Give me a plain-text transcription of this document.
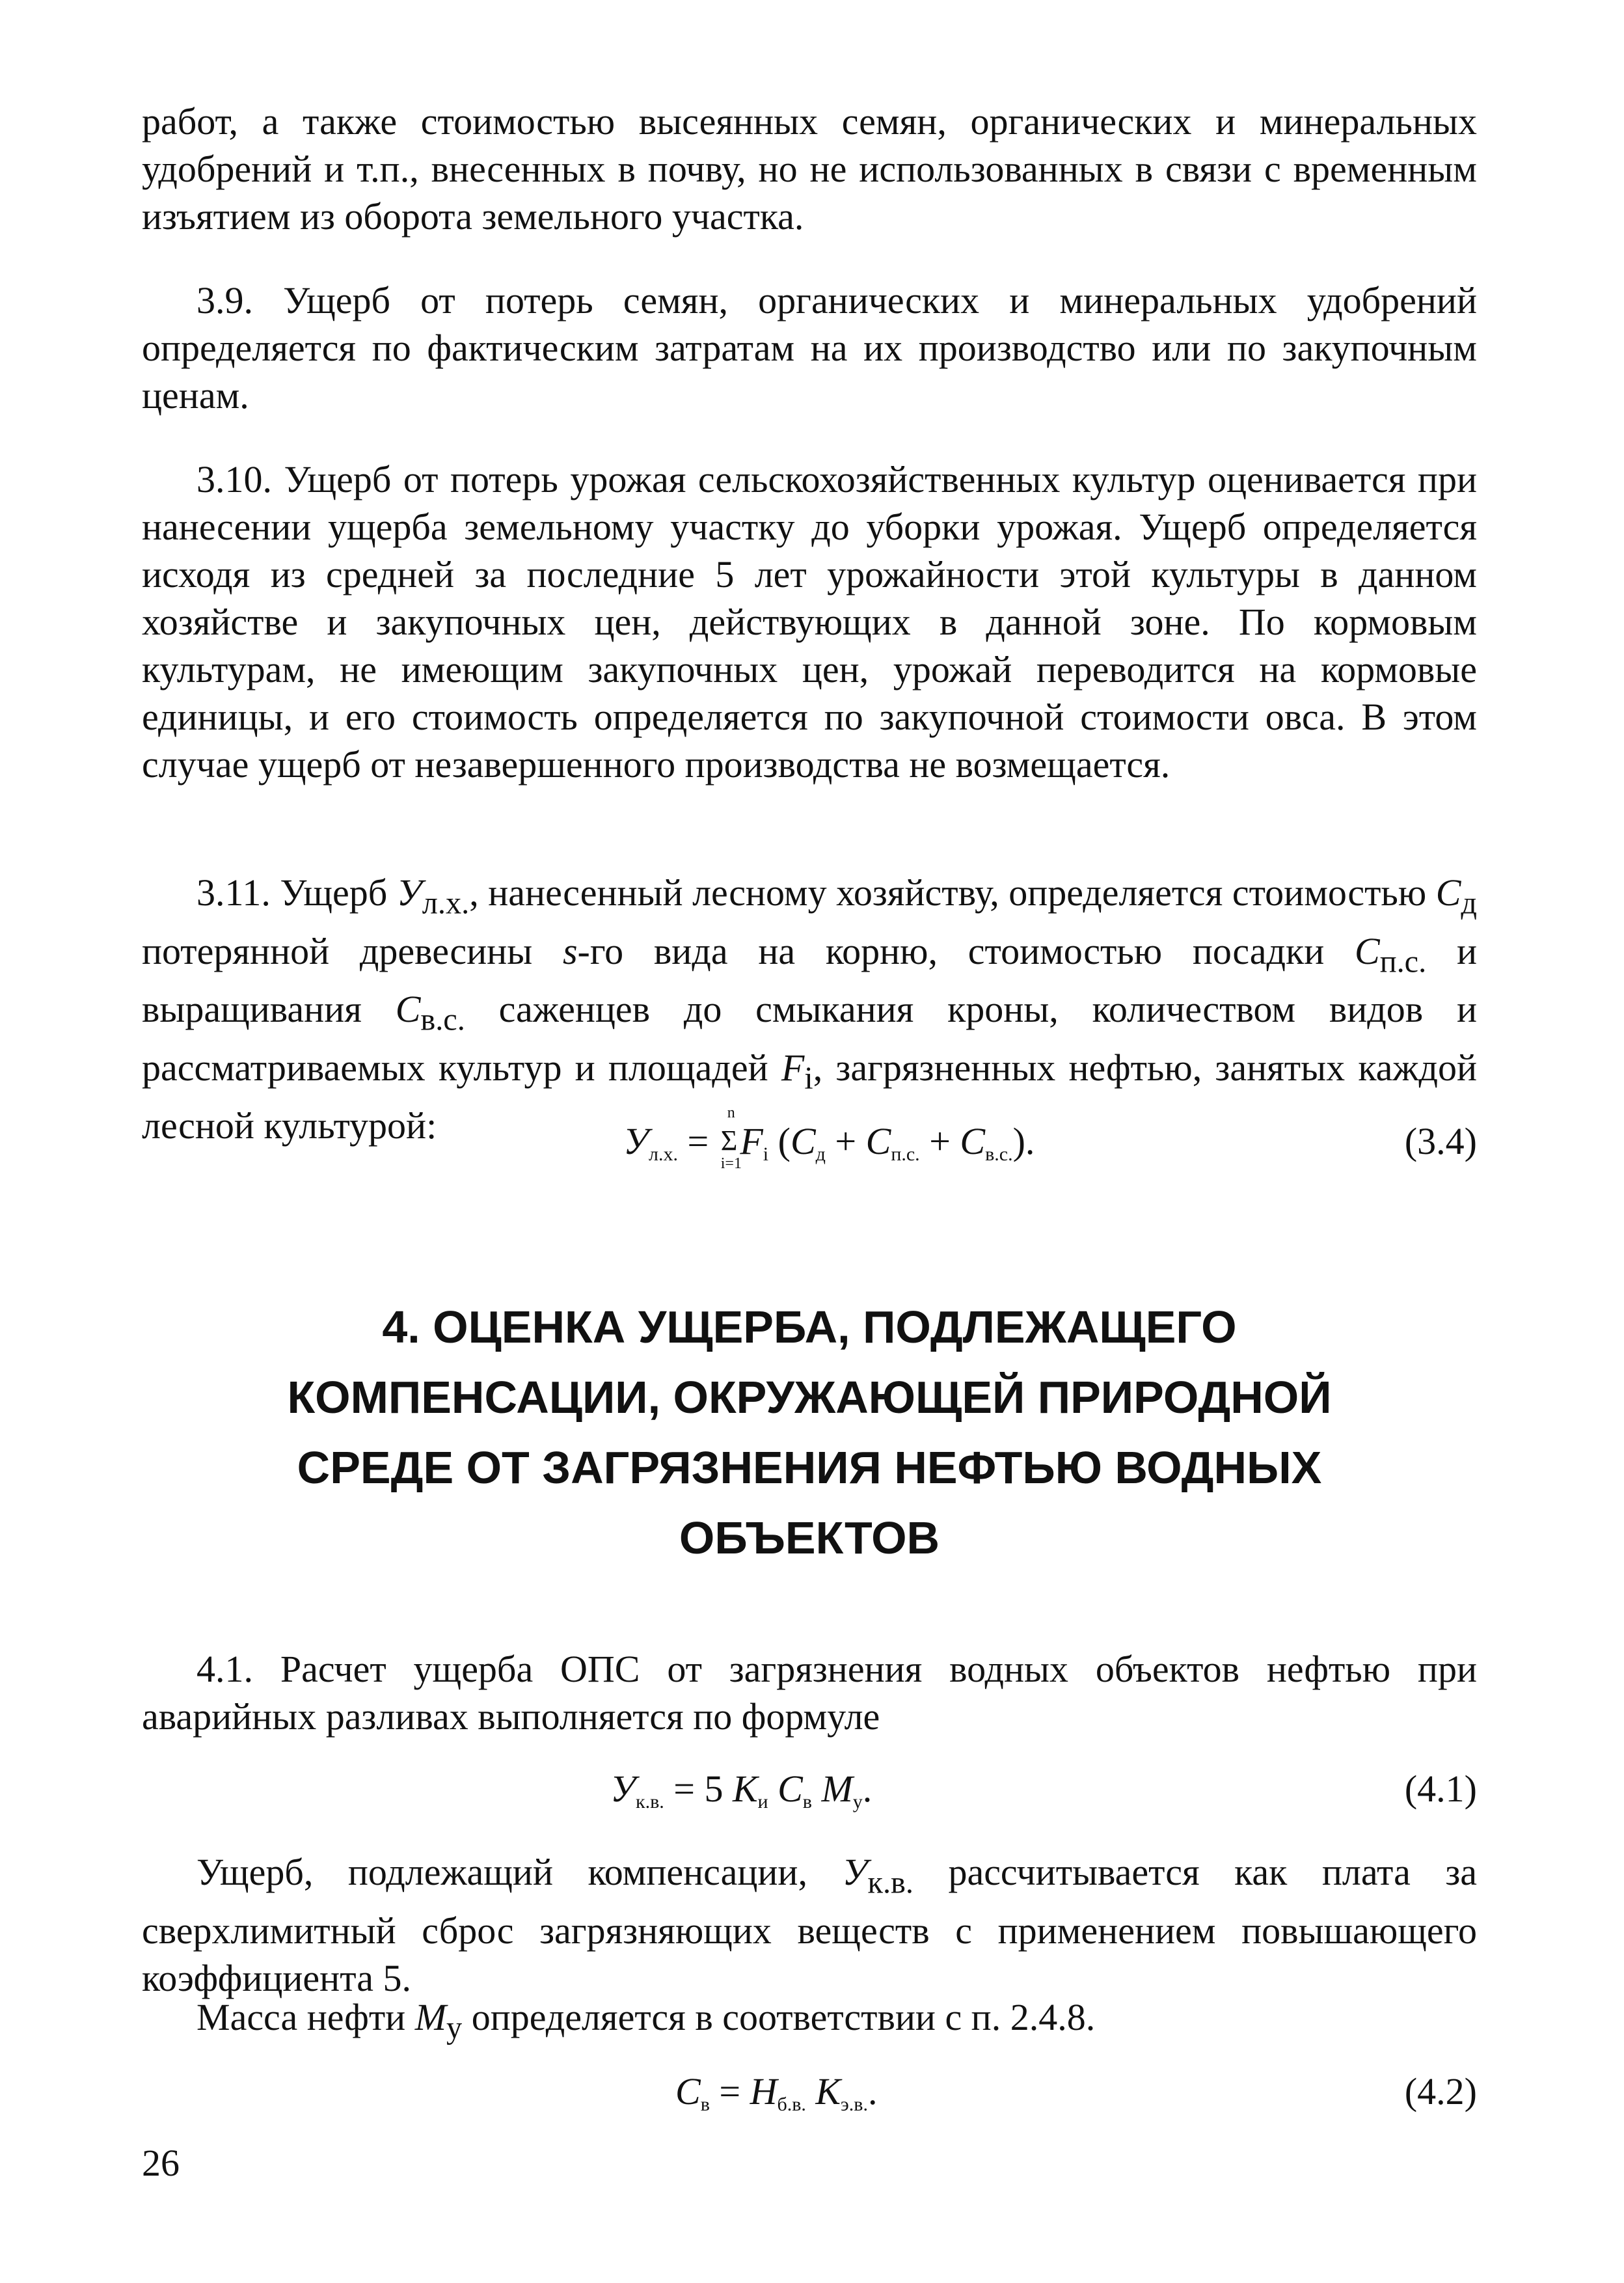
работ, а также стоимостью высеянных семян, органических и минеральных удобрений и т.п., внесенных в почву, но не использованных в связи с временным изъятием из оборота земельного участка.

3.9. Ущерб от потерь семян, органических и минеральных удобрений определяется по фактическим затратам на их производство или по закупочным ценам.

3.10. Ущерб от потерь урожая сельскохозяйственных культур оценивается при нанесении ущерба земельному участку до уборки урожая. Ущерб определяется исходя из средней за последние 5 лет урожайности этой культуры в данном хозяйстве и закупочных цен, действующих в данной зоне. По кормовым культурам, не имеющим закупочных цен, урожай переводится на кормовые единицы, и его стоимость определяется по закупочной стоимости овса. В этом случае ущерб от незавершенного производства не возмещается.

3.11. Ущерб $У_{л.х.}$, нанесенный лесному хозяйству, определяется стоимостью $С_д$ потерянной древесины s-го вида на корню, стоимостью посадки $С_{п.с.}$ и выращивания $С_{в.с.}$ саженцев до смыкания кроны, количеством видов и рассматриваемых культур и площадей $F_i$, загрязненных нефтью, занятых каждой лесной культурой:	$У_{л.х.}$ =
n
Σ
i=1
$F_i$ $(С_д + С_{п.с.} + С_{в.с.})$.	(3.4)
4. ОЦЕНКА УЩЕРБА, ПОДЛЕЖАЩЕГО
КОМПЕНСАЦИИ, ОКРУЖАЮЩЕЙ ПРИРОДНОЙ
СРЕДЕ ОТ ЗАГРЯЗНЕНИЯ НЕФТЬЮ ВОДНЫХ
ОБЪЕКТОВ

4.1. Расчет ущерба ОПС от загрязнения водных объектов нефтью при аварийных разливах выполняется по формуле

$У_{к.в.} = 5$ $К_и$ $С_в$ $М_у$.	(4.1)

Ущерб, подлежащий компенсации, $У_{к.в.}$ рассчитывается как плата за сверхлимитный сброс загрязняющих веществ с применением повышающего коэффициента 5.

Масса нефти $М_у$ определяется в соответствии с п. 2.4.8.

$С_в = Н_{б.в.}$ $К_{э.в.}$.	(4.2)
26
